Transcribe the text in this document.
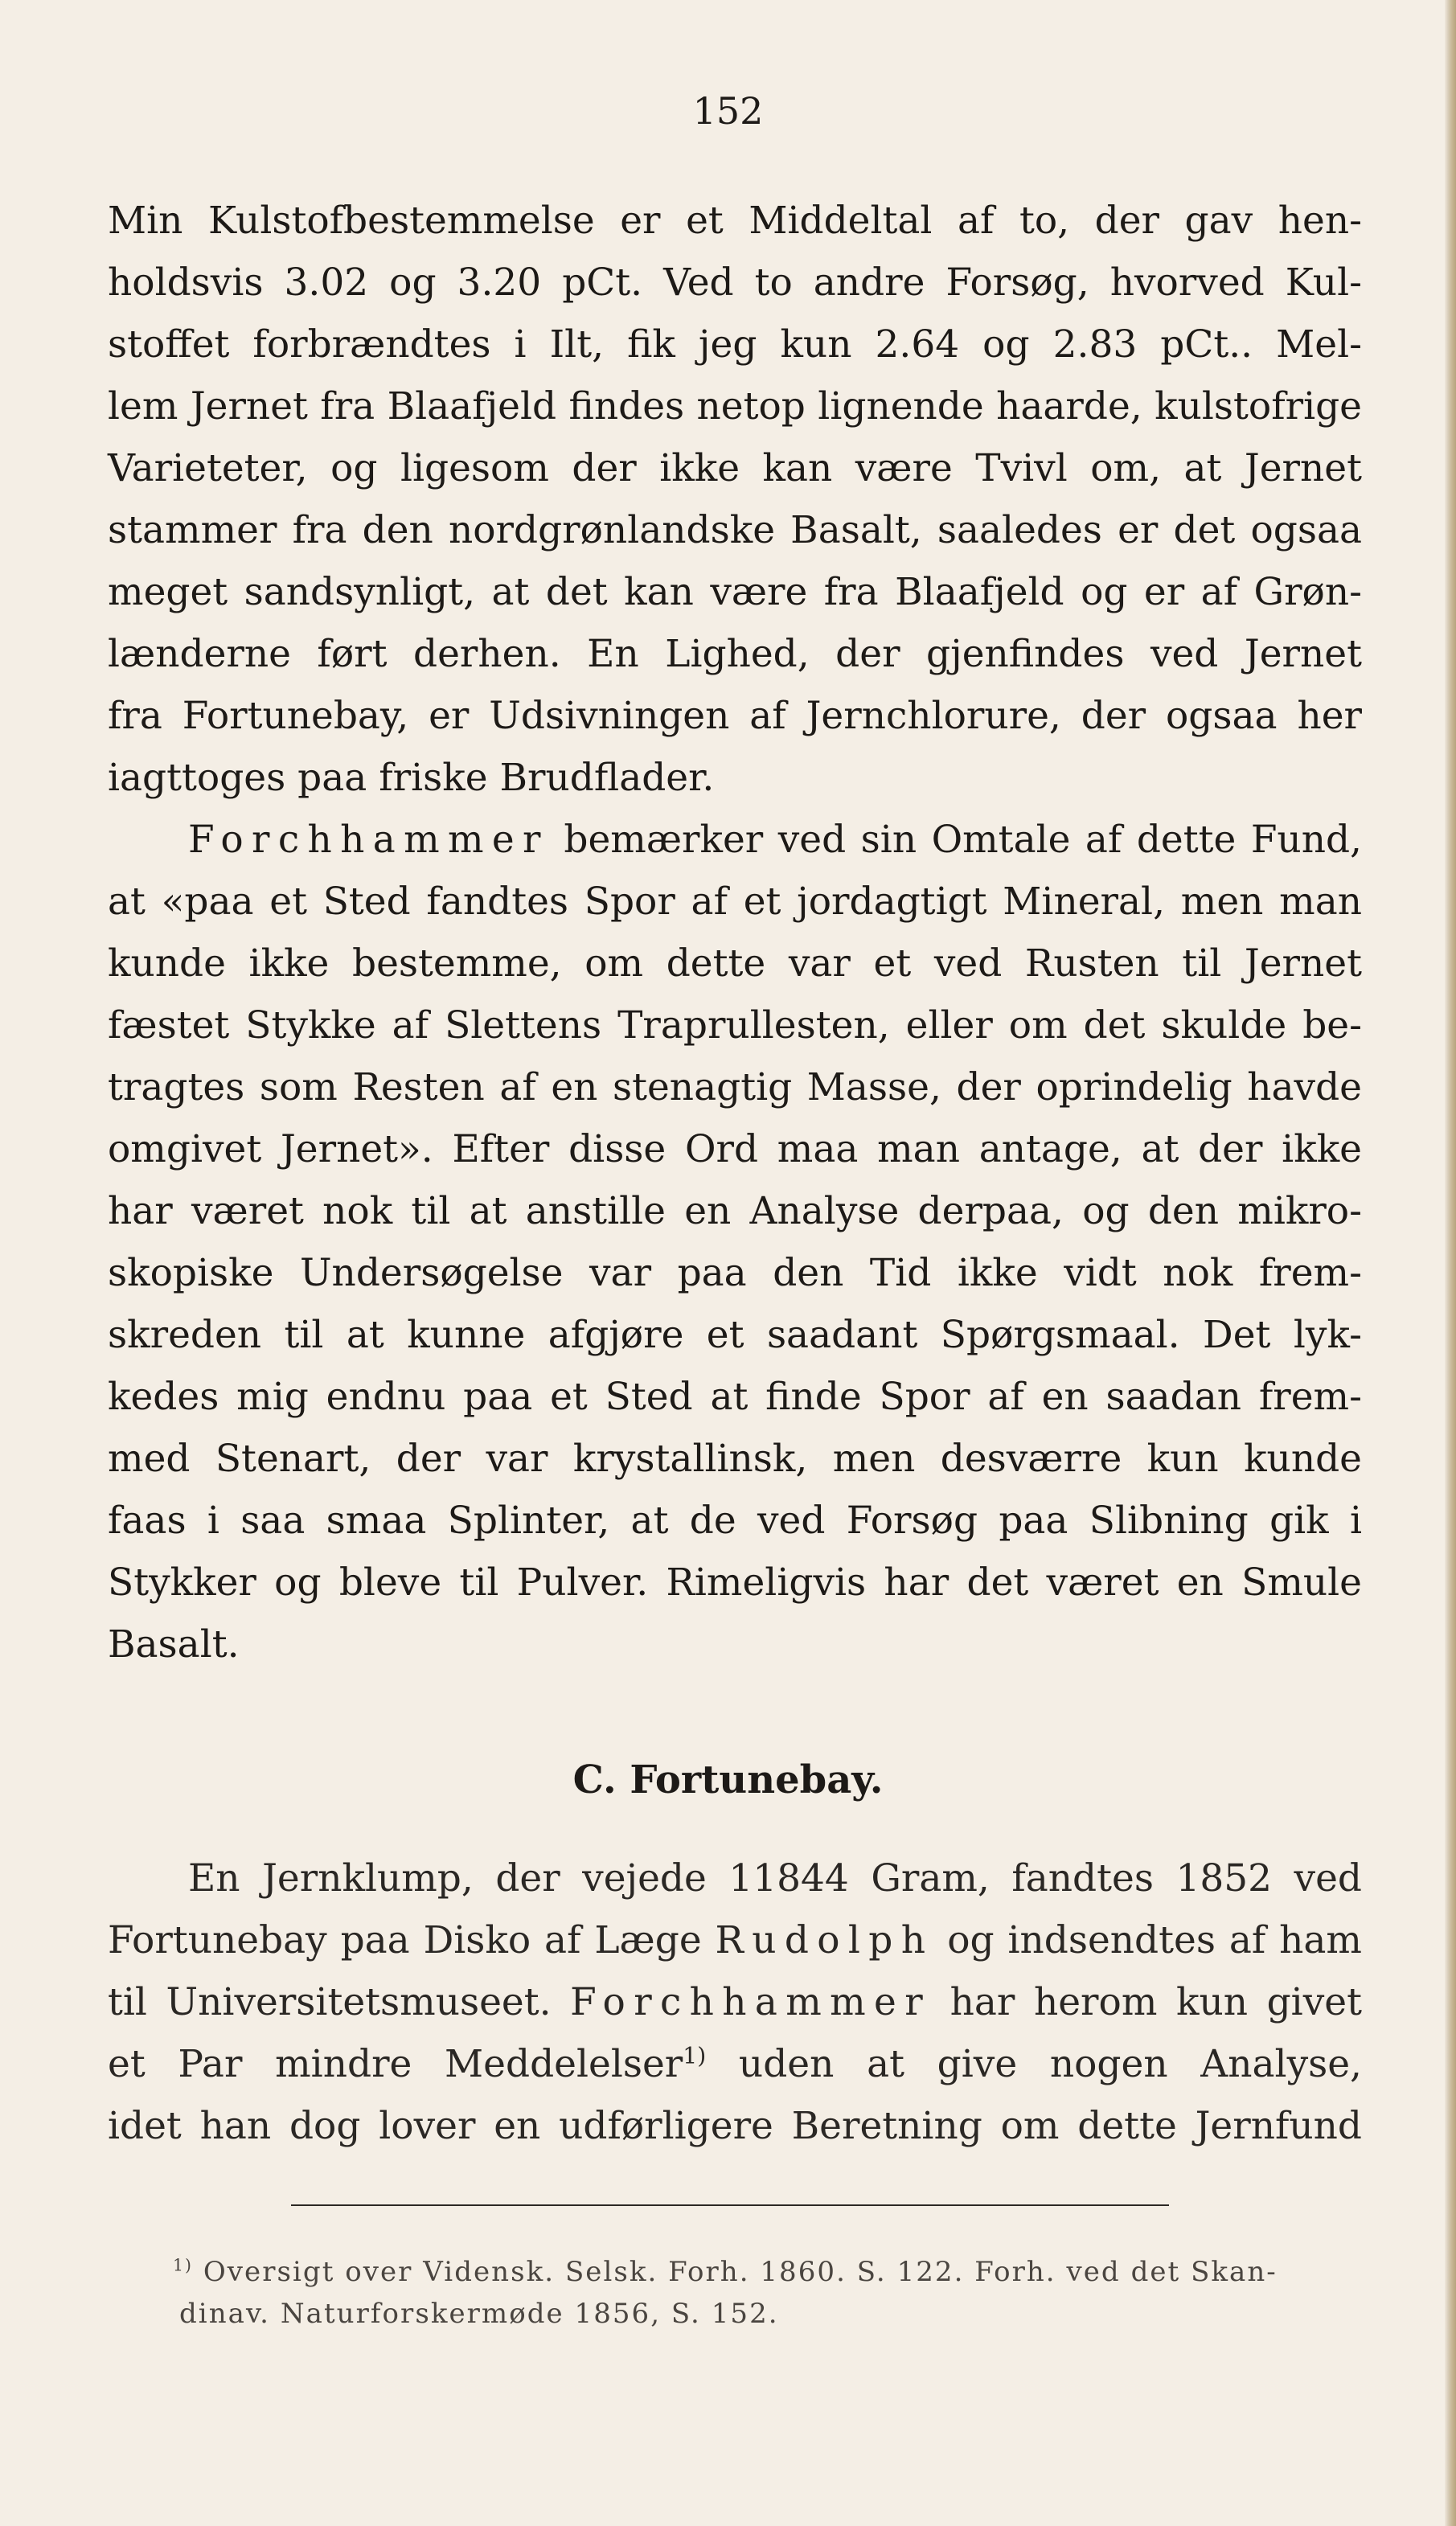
152
Min Kulstofbestemmelse er et Middeltal af to, der gav hen-
holdsvis 3.02 og 3.20 pCt. Ved to andre Forsøg, hvorved Kul-
stoffet forbrændtes i Ilt, fik jeg kun 2.64 og 2.83 pCt.. Mel-
lem Jernet fra Blaafjeld findes netop lignende haarde, kulstofrige
Varieteter, og ligesom der ikke kan være Tvivl om, at Jernet
stammer fra den nordgrønlandske Basalt, saaledes er det ogsaa
meget sandsynligt, at det kan være fra Blaafjeld og er af Grøn-
lænderne ført derhen. En Lighed, der gjenfindes ved Jernet
fra Fortunebay, er Udsivningen af Jernchlorure, der ogsaa her
iagttoges paa friske Brudflader.
Forchhammer bemærker ved sin Omtale af dette Fund,
at «paa et Sted fandtes Spor af et jordagtigt Mineral, men man
kunde ikke bestemme, om dette var et ved Rusten til Jernet
fæstet Stykke af Slettens Traprullesten, eller om det skulde be-
tragtes som Resten af en stenagtig Masse, der oprindelig havde
omgivet Jernet». Efter disse Ord maa man antage, at der ikke
har været nok til at anstille en Analyse derpaa, og den mikro-
skopiske Undersøgelse var paa den Tid ikke vidt nok frem-
skreden til at kunne afgjøre et saadant Spørgsmaal. Det lyk-
kedes mig endnu paa et Sted at finde Spor af en saadan frem-
med Stenart, der var krystallinsk, men desværre kun kunde
faas i saa smaa Splinter, at de ved Forsøg paa Slibning gik i
Stykker og bleve til Pulver. Rimeligvis har det været en Smule
Basalt.
C. Fortunebay.
En Jernklump, der vejede 11844 Gram, fandtes 1852 ved
Fortunebay paa Disko af Læge Rudolph og indsendtes af ham
til Universitetsmuseet. Forchhammer har herom kun givet
et Par mindre Meddelelser$^{1)}$ uden at give nogen Analyse,
idet han dog lover en udførligere Beretning om dette Jernfund
$^{1)}$ Oversigt over Vidensk. Selsk. Forh. 1860. S. 122. Forh. ved det Skan-
dinav. Naturforskermøde 1856, S. 152.
